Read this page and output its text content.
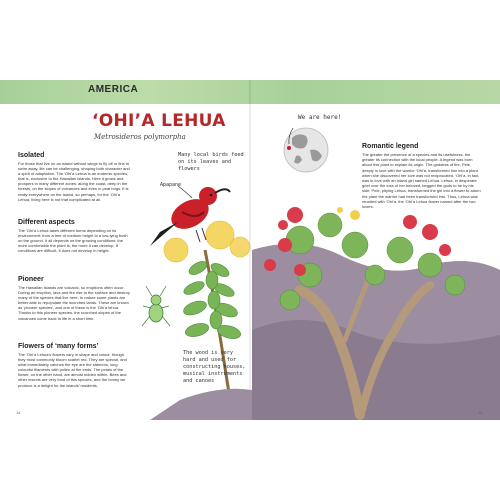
AMERICA
‘OHI’A LEHUA
Metrosideros polymorpha
Isolated

For those that live on an island without wings to fly off or fins to swim away, life can be challenging, shaping both character and a spirit of adaptation. The ‘Ohi’a Lehua is an endemic species, that is, exclusive to the Hawaiian Islands. Here it grows and prospers in many different zones: along the coast, deep in the forests, on the slopes of volcanoes and even in peat bogs. It is really everywhere on the island, so perhaps, for the ‘Ohi’a Lehua, living here is not that complicated at all.

Different aspects

The ‘Ohi’a Lehua takes different forms depending on its environment: from a tree of medium height to a low-lying bush on the ground. It all depends on the growing conditions: the more comfortable the plant is, the more it can develop. If conditions are difficult, it does not develop in height.

Pioneer

The Hawaiian Islands are volcanic, so eruptions often occur. During an eruption, lava and fire rise to the surface and destroy many of the species that live here. In nature some plants are better able to repopulate the scorched lands. These are known as ‘pioneer species’, and one of these is the ‘Ohi’a lehua. Thanks to this pioneer species, the scorched slopes of the volcanoes come back to life in a short time.

Flowers of ‘many forms’

The ‘Ohi’a Lehua’s flowers vary in shape and colour, though they most commonly bloom scarlet red. They are special, and what immediately catches the eye are the stamens, long colourful filaments with pollen at the ends. The petals of the flower, on the other hand, are almost hidden within. Bees and other insects are very fond of this species, and the honey we produce is a delight for the islands’ residents.

Many local birds feed on its leaves and flowers
Apapane
The wood is very hard and used for constructing houses, musical instruments and canoes
We are here!
Romantic legend

The greater the presence of a species and its usefulness, the greater its connection with the local people. A legend was born about this plant to explain its origin. The goddess of fire, Pele, deeply in love with the warrior ‘Ohi’a, transformed him into a plant when she discovered her love was not reciprocated. ‘Ohi’a, in fact, was in love with an island girl named Lehua. Lehua, in desperate grief over the loss of her beloved, begged the gods to be by his side. Pele, pitying Lehua, transformed the girl into a flower to adorn the plant the warrior had been transformed into. Thus, Lehua was reunited with ‘Ohi’a, the ‘Ohi’a Lehua flower named after the two lovers.

14	15
